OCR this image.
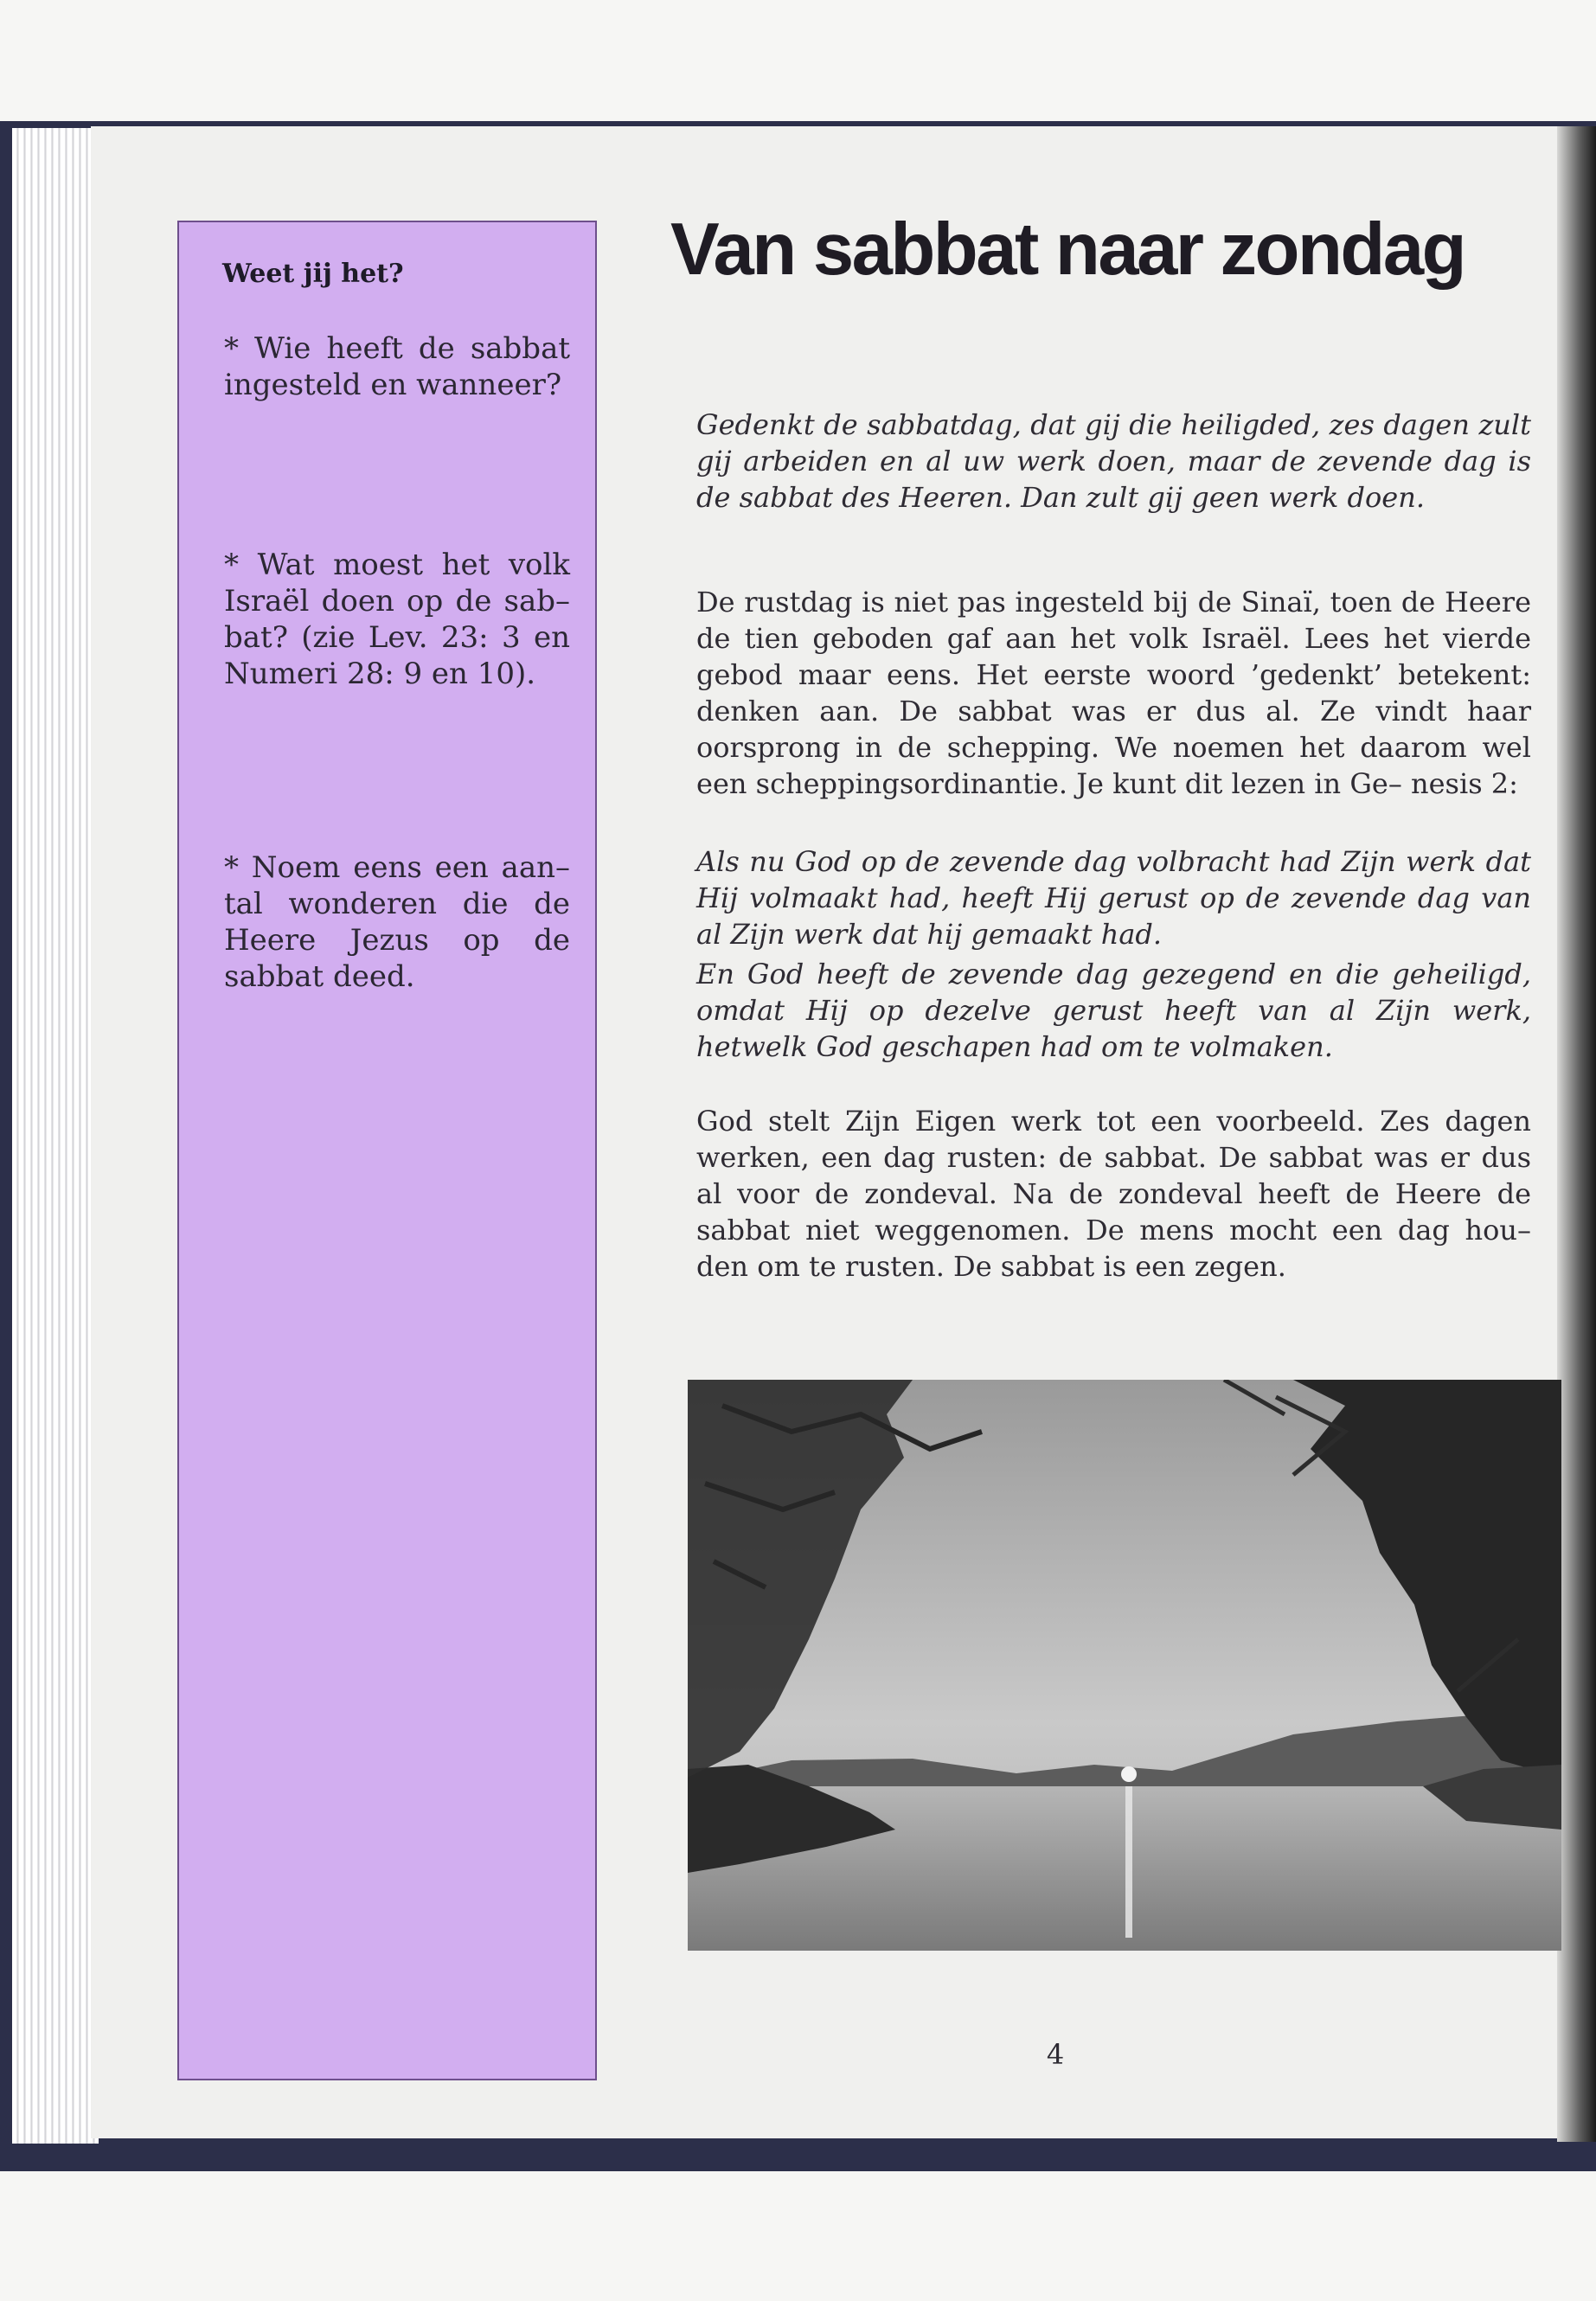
Weet jij het?

* Wie heeft de sabbat ingesteld en wanneer?

* Wat moest het volk Israël doen op de sab– bat? (zie Lev. 23: 3 en Numeri 28: 9 en 10).

* Noem eens een aan– tal wonderen die de Heere Jezus op de sabbat deed.

Van sabbat naar zondag

Gedenkt de sabbatdag, dat gij die heiligded, zes dagen zult gij arbeiden en al uw werk doen, maar de zevende dag is de sabbat des Heeren. Dan zult gij geen werk doen.

De rustdag is niet pas ingesteld bij de Sinaï, toen de Heere de tien geboden gaf aan het volk Israël. Lees het vierde gebod maar eens. Het eerste woord ’gedenkt’ betekent: denken aan. De sabbat was er dus al. Ze vindt haar oorsprong in de schepping. We noemen het daarom wel een scheppingsordinantie. Je kunt dit lezen in Ge– nesis 2:

Als nu God op de zevende dag volbracht had Zijn werk dat Hij volmaakt had, heeft Hij gerust op de zevende dag van al Zijn werk dat hij gemaakt had.

En God heeft de zevende dag gezegend en die geheiligd, omdat Hij op dezelve gerust heeft van al Zijn werk, hetwelk God geschapen had om te volmaken.

God stelt Zijn Eigen werk tot een voorbeeld. Zes dagen werken, een dag rusten: de sabbat. De sabbat was er dus al voor de zondeval. Na de zondeval heeft de Heere de sabbat niet weggenomen. De mens mocht een dag hou– den om te rusten. De sabbat is een zegen.

4
